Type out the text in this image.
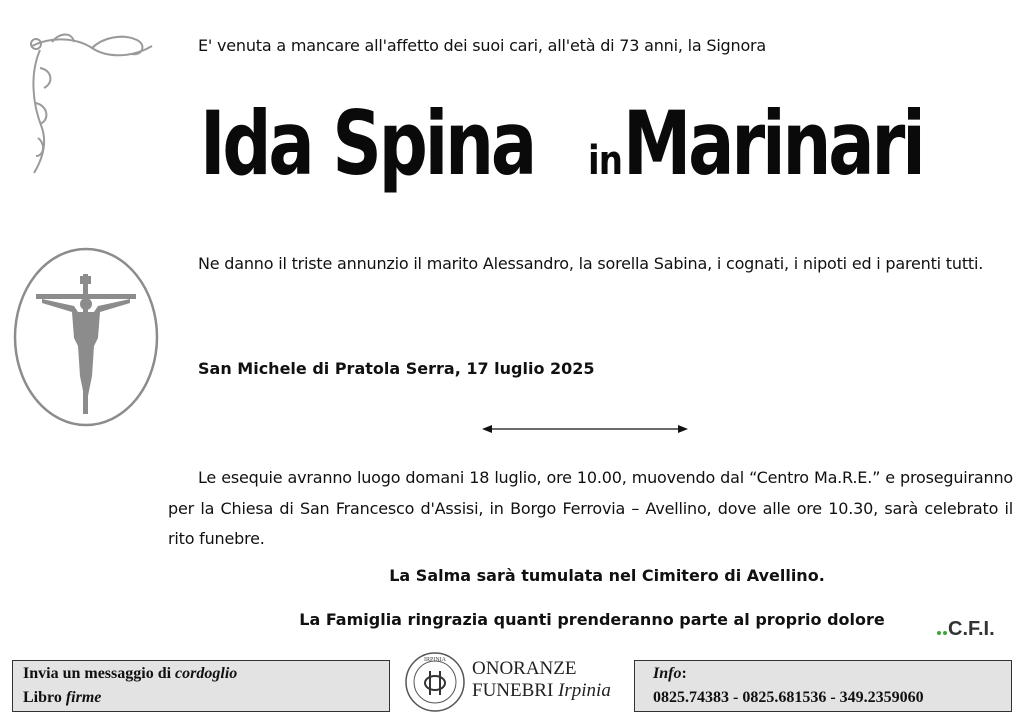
E' venuta a mancare all'affetto dei suoi cari, all'età di 73 anni, la Signora
Ida Spina inMarinari
Ne danno il triste annunzio il marito Alessandro, la sorella Sabina, i cognati, i nipoti ed i parenti tutti.
San Michele di Pratola Serra, 17 luglio 2025
Le esequie avranno luogo domani 18 luglio, ore 10.00, muovendo dal “Centro Ma.R.E.” e proseguiranno per la Chiesa di San Francesco d'Assisi, in Borgo Ferrovia – Avellino, dove alle ore 10.30, sarà celebrato il rito funebre.
La Salma sarà tumulata nel Cimitero di Avellino.
La Famiglia ringrazia quanti prenderanno parte al proprio dolore	C.F.I.
Invia un messaggio di cordoglio
Libro firme
IRPINIA ONORANZE
FUNEBRI Irpinia
Info:
0825.74383 - 0825.681536 - 349.2359060
